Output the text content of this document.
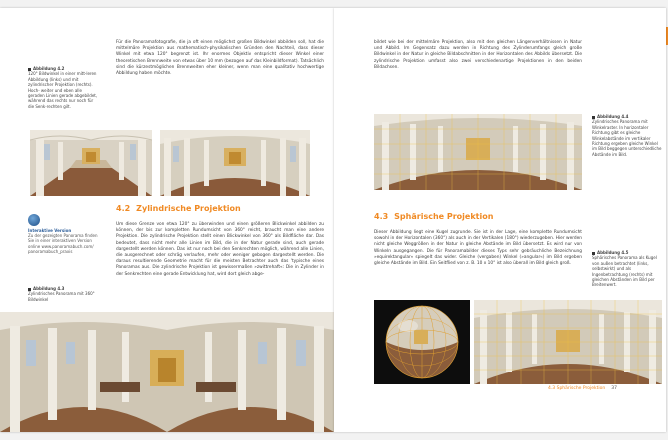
Abbildung 4.2
120° Bildwinkel in einer mitt-leren Abbildung (links) und mit zylindrischer Projektion (rechts). Hoch- weiter und eben alle geraden Linien gerade abgebildet, während das rechts nur noch für die Senk-rechten gilt.
Für die Panoramafotografie, die ja oft einen möglichst großen Bildwinkel abbilden soll, hat die mittelmäre Projektion aus mathematisch-physikalischen Gründen den Nachteil, dass dieser Winkel mit etwa 120° begrenzt ist. Ihr enormes Objektiv entspricht dieser Winkel einer theoretischen Brennweite von etwas über 10 mm (bezogen auf das Kleinbildformat). Tatsächlich sind die kürzestmöglichen Brennweiten eher kleiner, wenn man eine qualitativ hochwertige Abbildung haben möchte.
4.2 Zylindrische Projektion
Um diese Grenze von etwa 120° zu überwinden und einen größeren Blickwinkel abbilden zu können, der bis zur kompletten Rundumsicht von 360° reicht, braucht man eine andere Projektion. Die zylindrische Projektion stellt einen Blickwinkel von 360° als Bildfläche dar. Das bedeutet, dass nicht mehr alle Linien im Bild, die in der Natur gerade sind, auch gerade dargestellt werden können. Das ist nur noch bei den Senkrechten möglich, während alle Linien, die ausgerechnet oder schräg verlaufen, mehr oder weniger gebogen dargestellt werden. Die daraus resultierende Geometrie macht für die meisten Betrachter auch das 'typische eines Panoramas aus. Die zylindrische Projektion ist gewissermaßen »zwittrehaft«: Die in Zylinder in der Senkrechten eine gerade Entwicklung hat, wird dort gleich abge-
Interaktive Version
Zu der gezeigten Panorama finden Sie in einer interaktiven Version online www.panoramabuch.com/ panoramabuch_praxis
Abbildung 4.3
Zylindrisches Panorama mit 360° Bildwinkel
bildet wie bei der mittelmäre Projektion, also mit den gleichen Längenverhältnissen in Natur und Abbild. Im Gegensatz dazu werden in Richtung des Zylinderumfangs gleich große Bildwinkel in der Natur in gleiche Bildabschnitten in der Horizontalen des Abbilds übersetzt. Die zylindrische Projektion umfasst also zwei verschiedenartige Projektionen in den beiden Bildachsen.
Abbildung 4.4
Zylindrisches Panorama mit Winkelraster. In horizontaler Richtung gibt es gleiche Winkelabstände im vertikaler Richtung ergeben gleiche Winkel im Bild beggegen unterschiedliche Abstände im Bild.
4.3 Sphärische Projektion
Dieser Abbildung liegt eine Kugel zugrunde. Sie ist in der Lage, eine komplette Rundumsicht sowohl in der Horizontalen (360°) als auch in der Vertikalen (180°) wiederzugeben. Hier werden nicht gleiche Weggrößen in der Natur in gleiche Abstände im Bild übersetzt. Es wird nur von Winkeln ausgegangen. Die für Panoramabilder dieses Typs sehr gebräuchliche Bezeichnung »equirektangular« spiegelt das wider. Gleiche (vergaben) Winkel (»angular«) im Bild ergeben gleiche Abstände im Bild. Ein Seitflied von z. B. 10 x 10° ist also überall im Bild gleich groß.
Abbildung 4.5
Sphärisches Panorama als Kugel von außen betrachtet (links, selbstwirkt) und als Ingenbetrachtung (rechts) mit gleichen Abständen im Bild per Breitenwert.
4.3 Sphärische Projektion 37
